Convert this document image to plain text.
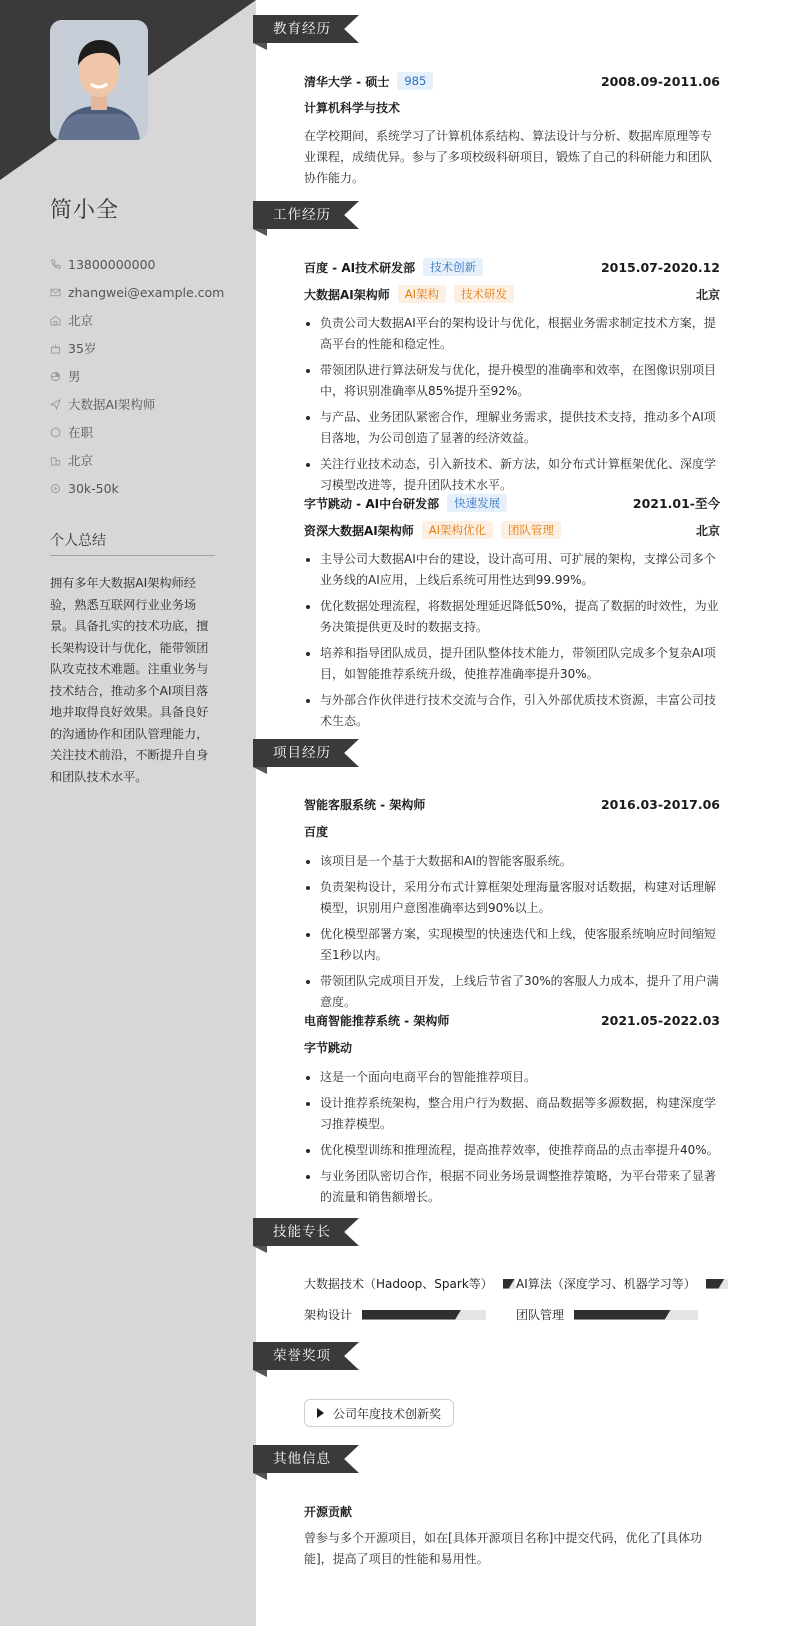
简小全
13800000000
zhangwei@example.com
北京
35岁
男
大数据AI架构师
在职
北京
30k-50k
个人总结
拥有多年大数据AI架构师经验，熟悉互联网行业业务场景。具备扎实的技术功底，擅长架构设计与优化，能带领团队攻克技术难题。注重业务与技术结合，推动多个AI项目落地并取得良好效果。具备良好的沟通协作和团队管理能力，关注技术前沿，不断提升自身和团队技术水平。
教育经历
清华大学 - 硕士	985	2008.09-2011.06
计算机科学与技术
在学校期间，系统学习了计算机体系结构、算法设计与分析、数据库原理等专业课程，成绩优异。参与了多项校级科研项目，锻炼了自己的科研能力和团队协作能力。
工作经历
百度 - AI技术研发部	技术创新	2015.07-2020.12
大数据AI架构师	AI架构	技术研发	北京
负责公司大数据AI平台的架构设计与优化，根据业务需求制定技术方案，提高平台的性能和稳定性。
带领团队进行算法研发与优化，提升模型的准确率和效率，在图像识别项目中，将识别准确率从85%提升至92%。
与产品、业务团队紧密合作，理解业务需求，提供技术支持，推动多个AI项目落地，为公司创造了显著的经济效益。
关注行业技术动态，引入新技术、新方法，如分布式计算框架优化、深度学习模型改进等，提升团队技术水平。
字节跳动 - AI中台研发部	快速发展	2021.01-至今
资深大数据AI架构师	AI架构优化	团队管理	北京
主导公司大数据AI中台的建设，设计高可用、可扩展的架构，支撑公司多个业务线的AI应用，上线后系统可用性达到99.99%。
优化数据处理流程，将数据处理延迟降低50%，提高了数据的时效性，为业务决策提供更及时的数据支持。
培养和指导团队成员，提升团队整体技术能力，带领团队完成多个复杂AI项目，如智能推荐系统升级，使推荐准确率提升30%。
与外部合作伙伴进行技术交流与合作，引入外部优质技术资源，丰富公司技术生态。
项目经历
智能客服系统 - 架构师	2016.03-2017.06
百度
该项目是一个基于大数据和AI的智能客服系统。
负责架构设计，采用分布式计算框架处理海量客服对话数据，构建对话理解模型，识别用户意图准确率达到90%以上。
优化模型部署方案，实现模型的快速迭代和上线，使客服系统响应时间缩短至1秒以内。
带领团队完成项目开发，上线后节省了30%的客服人力成本，提升了用户满意度。
电商智能推荐系统 - 架构师	2021.05-2022.03
字节跳动
这是一个面向电商平台的智能推荐项目。
设计推荐系统架构，整合用户行为数据、商品数据等多源数据，构建深度学习推荐模型。
优化模型训练和推理流程，提高推荐效率，使推荐商品的点击率提升40%。
与业务团队密切合作，根据不同业务场景调整推荐策略，为平台带来了显著的流量和销售额增长。
技能专长
大数据技术（Hadoop、Spark等） AI算法（深度学习、机器学习等）
架构设计	团队管理
荣誉奖项
公司年度技术创新奖
其他信息
开源贡献
曾参与多个开源项目，如在[具体开源项目名称]中提交代码，优化了[具体功能]，提高了项目的性能和易用性。
